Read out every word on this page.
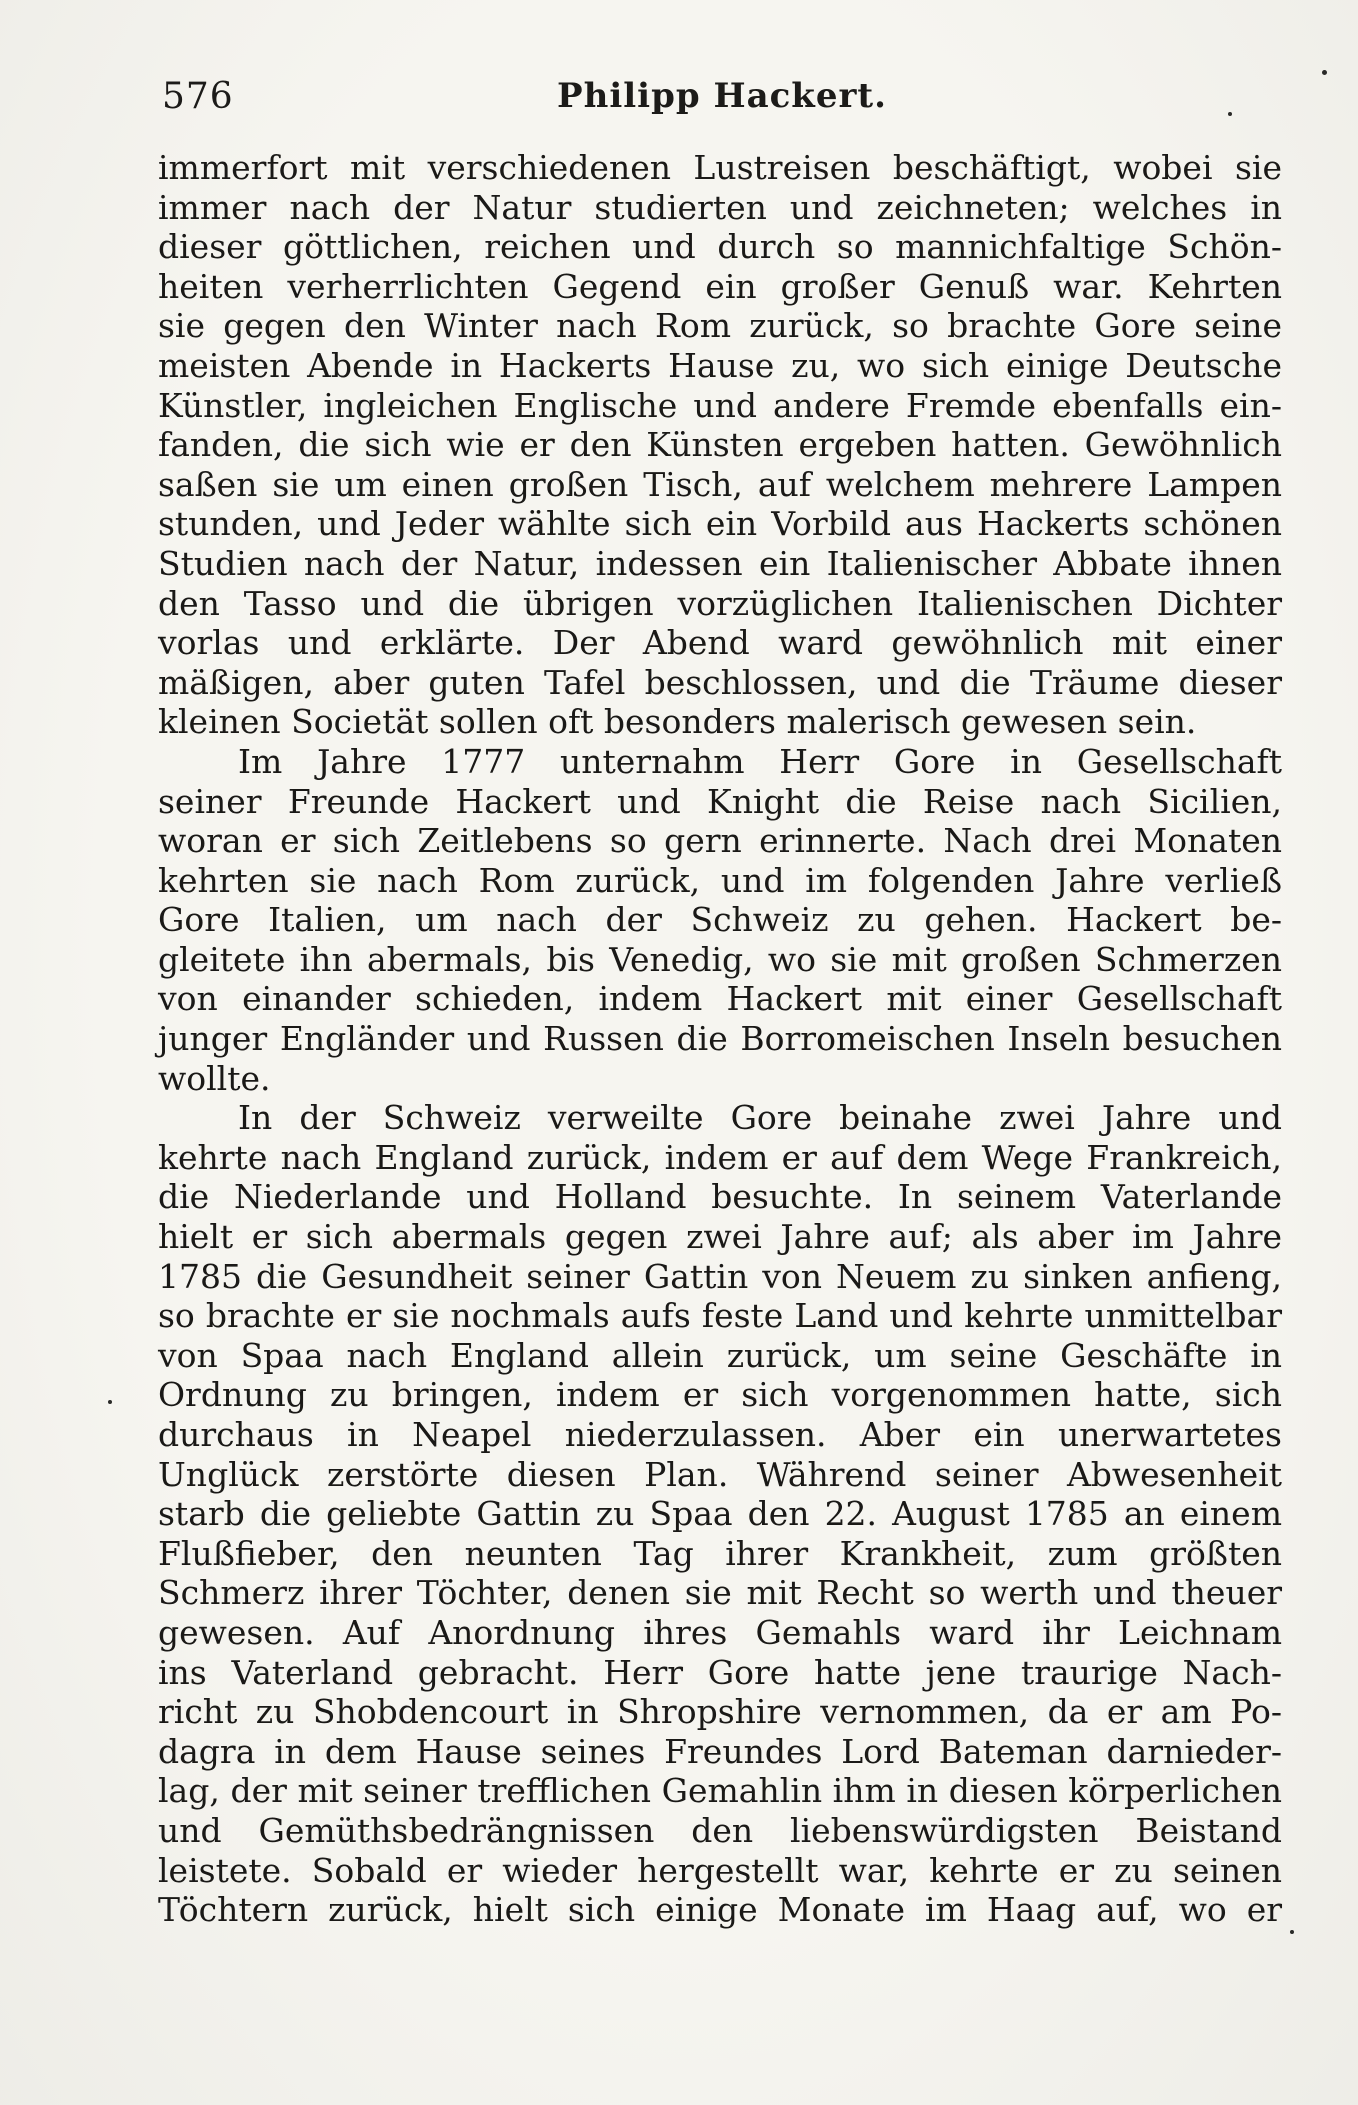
576	Philipp Hackert.
immerfort mit verschiedenen Lustreisen beschäftigt, wobei sie
immer nach der Natur studierten und zeichneten; welches in
dieser göttlichen, reichen und durch so mannichfaltige Schön-
heiten verherrlichten Gegend ein großer Genuß war. Kehrten
sie gegen den Winter nach Rom zurück, so brachte Gore seine
meisten Abende in Hackerts Hause zu, wo sich einige Deutsche
Künstler, ingleichen Englische und andere Fremde ebenfalls ein-
fanden, die sich wie er den Künsten ergeben hatten. Gewöhnlich
saßen sie um einen großen Tisch, auf welchem mehrere Lampen
stunden, und Jeder wählte sich ein Vorbild aus Hackerts schönen
Studien nach der Natur, indessen ein Italienischer Abbate ihnen
den Tasso und die übrigen vorzüglichen Italienischen Dichter
vorlas und erklärte. Der Abend ward gewöhnlich mit einer
mäßigen, aber guten Tafel beschlossen, und die Träume dieser
kleinen Societät sollen oft besonders malerisch gewesen sein.
Im Jahre 1777 unternahm Herr Gore in Gesellschaft
seiner Freunde Hackert und Knight die Reise nach Sicilien,
woran er sich Zeitlebens so gern erinnerte. Nach drei Monaten
kehrten sie nach Rom zurück, und im folgenden Jahre verließ
Gore Italien, um nach der Schweiz zu gehen. Hackert be-
gleitete ihn abermals, bis Venedig, wo sie mit großen Schmerzen
von einander schieden, indem Hackert mit einer Gesellschaft
junger Engländer und Russen die Borromeischen Inseln besuchen
wollte.
In der Schweiz verweilte Gore beinahe zwei Jahre und
kehrte nach England zurück, indem er auf dem Wege Frankreich,
die Niederlande und Holland besuchte. In seinem Vaterlande
hielt er sich abermals gegen zwei Jahre auf; als aber im Jahre
1785 die Gesundheit seiner Gattin von Neuem zu sinken anfieng,
so brachte er sie nochmals aufs feste Land und kehrte unmittelbar
von Spaa nach England allein zurück, um seine Geschäfte in
Ordnung zu bringen, indem er sich vorgenommen hatte, sich
durchaus in Neapel niederzulassen. Aber ein unerwartetes
Unglück zerstörte diesen Plan. Während seiner Abwesenheit
starb die geliebte Gattin zu Spaa den 22. August 1785 an einem
Flußfieber, den neunten Tag ihrer Krankheit, zum größten
Schmerz ihrer Töchter, denen sie mit Recht so werth und theuer
gewesen. Auf Anordnung ihres Gemahls ward ihr Leichnam
ins Vaterland gebracht. Herr Gore hatte jene traurige Nach-
richt zu Shobdencourt in Shropshire vernommen, da er am Po-
dagra in dem Hause seines Freundes Lord Bateman darnieder-
lag, der mit seiner trefflichen Gemahlin ihm in diesen körperlichen
und Gemüthsbedrängnissen den liebenswürdigsten Beistand
leistete. Sobald er wieder hergestellt war, kehrte er zu seinen
Töchtern zurück, hielt sich einige Monate im Haag auf, wo er
